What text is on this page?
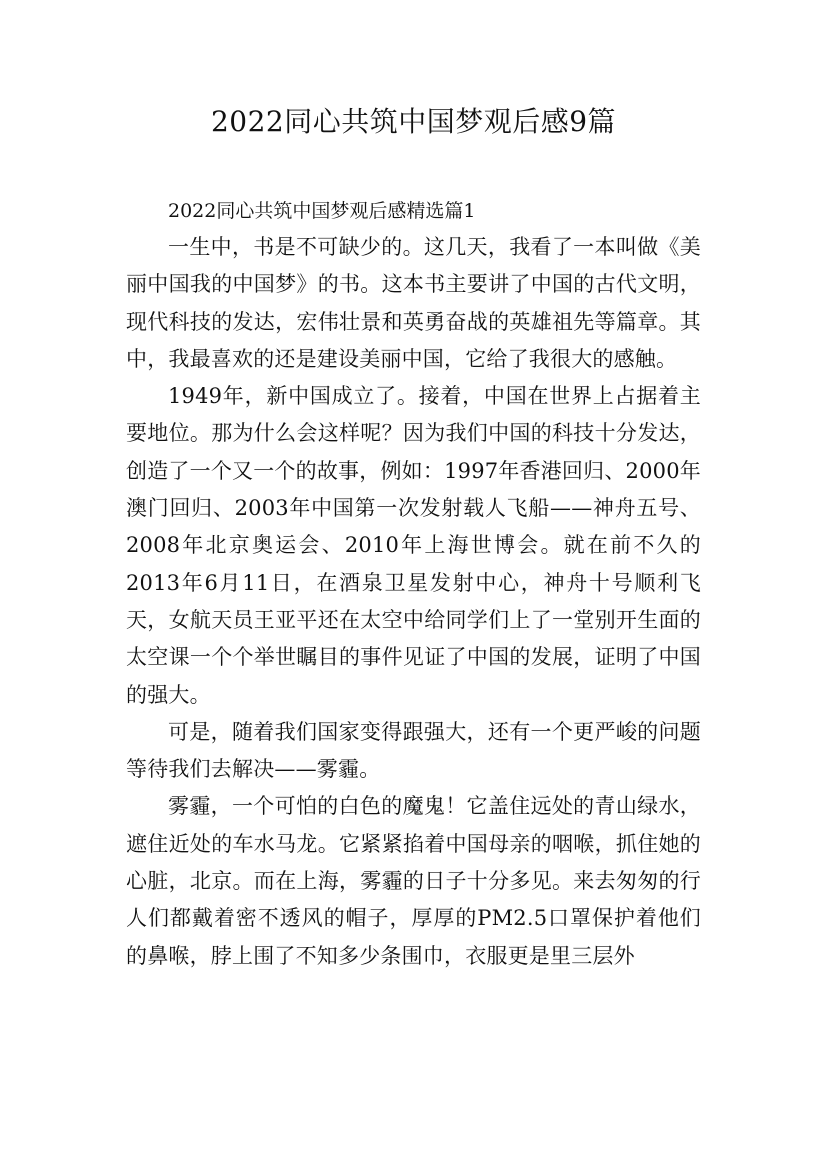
2022同心共筑中国梦观后感9篇

2022同心共筑中国梦观后感精选篇1

一生中，书是不可缺少的。这几天，我看了一本叫做《美丽中国我的中国梦》的书。这本书主要讲了中国的古代文明，现代科技的发达，宏伟壮景和英勇奋战的英雄祖先等篇章。其中，我最喜欢的还是建设美丽中国，它给了我很大的感触。

1949年，新中国成立了。接着，中国在世界上占据着主要地位。那为什么会这样呢？因为我们中国的科技十分发达，创造了一个又一个的故事，例如：1997年香港回归、2000年澳门回归、2003年中国第一次发射载人飞船——神舟五号、2008年北京奥运会、2010年上海世博会。就在前不久的2013年6月11日，在酒泉卫星发射中心，神舟十号顺利飞天，女航天员王亚平还在太空中给同学们上了一堂别开生面的太空课一个个举世瞩目的事件见证了中国的发展，证明了中国的强大。

可是，随着我们国家变得跟强大，还有一个更严峻的问题等待我们去解决——雾霾。

雾霾，一个可怕的白色的魔鬼！它盖住远处的青山绿水，遮住近处的车水马龙。它紧紧掐着中国母亲的咽喉，抓住她的心脏，北京。而在上海，雾霾的日子十分多见。来去匆匆的行人们都戴着密不透风的帽子，厚厚的PM2.5口罩保护着他们的鼻喉，脖上围了不知多少条围巾，衣服更是里三层外
